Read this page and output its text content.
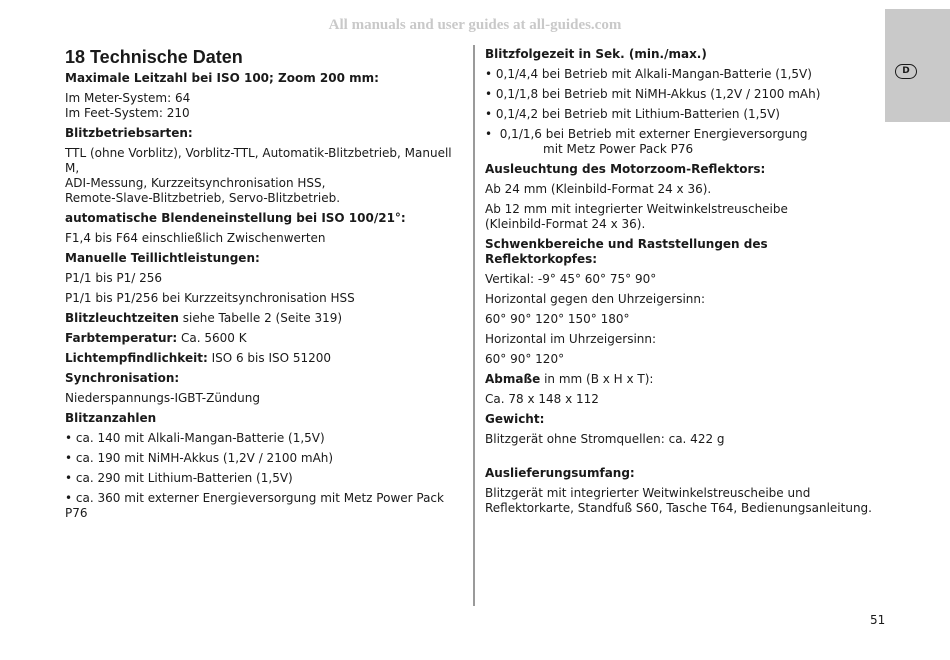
All manuals and user guides at all-guides.com
D
18 Technische Daten
Maximale Leitzahl bei ISO 100; Zoom 200 mm:
Im Meter-System: 64
Im Feet-System: 210
Blitzbetriebsarten:
TTL (ohne Vorblitz), Vorblitz-TTL, Automatik-Blitzbetrieb, Manuell M,
ADI-Messung, Kurzzeitsynchronisation HSS,
Remote-Slave-Blitzbetrieb, Servo-Blitzbetrieb.
automatische Blendeneinstellung bei ISO 100/21°:
F1,4 bis F64 einschließlich Zwischenwerten
Manuelle Teillichtleistungen:
P1/1 bis P1/ 256
P1/1 bis P1/256 bei Kurzzeitsynchronisation HSS
Blitzleuchtzeiten siehe Tabelle 2 (Seite 319)
Farbtemperatur: Ca. 5600 K
Lichtempfindlichkeit: ISO 6 bis ISO 51200
Synchronisation:
Niederspannungs-IGBT-Zündung
Blitzanzahlen
• ca. 140 mit Alkali-Mangan-Batterie (1,5V)
• ca. 190 mit NiMH-Akkus (1,2V / 2100 mAh)
• ca. 290 mit Lithium-Batterien (1,5V)
• ca. 360 mit externer Energieversorgung mit Metz Power Pack P76
Blitzfolgezeit in Sek. (min./max.)
• 0,1/4,4 bei Betrieb mit Alkali-Mangan-Batterie (1,5V)
• 0,1/1,8 bei Betrieb mit NiMH-Akkus (1,2V / 2100 mAh)
• 0,1/4,2 bei Betrieb mit Lithium-Batterien (1,5V)
• 0,1/1,6 bei Betrieb mit externer Energieversorgung
mit Metz Power Pack P76
Ausleuchtung des Motorzoom-Reflektors:
Ab 24 mm (Kleinbild-Format 24 x 36).
Ab 12 mm mit integrierter Weitwinkelstreuscheibe
(Kleinbild-Format 24 x 36).
Schwenkbereiche und Raststellungen des Reflektorkopfes:
Vertikal: -9° 45° 60° 75° 90°
Horizontal gegen den Uhrzeigersinn:
60° 90° 120° 150° 180°
Horizontal im Uhrzeigersinn:
60° 90° 120°
Abmaße in mm (B x H x T):
Ca. 78 x 148 x 112
Gewicht:
Blitzgerät ohne Stromquellen: ca. 422 g
Auslieferungsumfang:
Blitzgerät mit integrierter Weitwinkelstreuscheibe und
Reflektorkarte, Standfuß S60, Tasche T64, Bedienungsanleitung.
51
